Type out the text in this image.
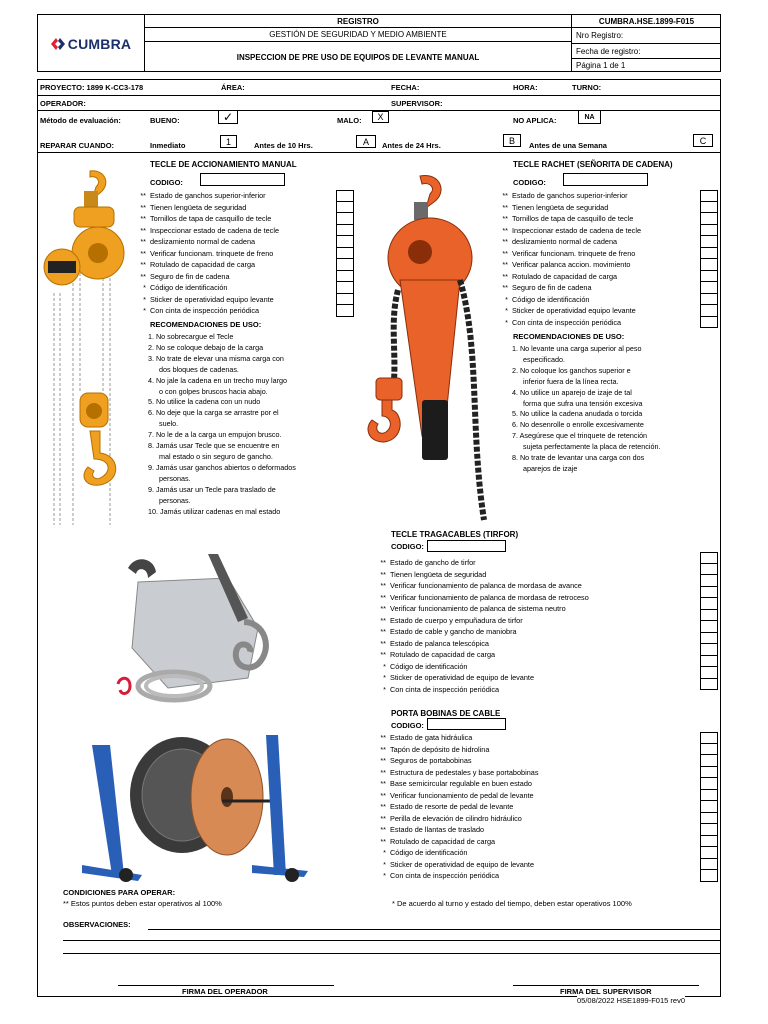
CUMBRA
REGISTRO
GESTIÓN DE SEGURIDAD Y MEDIO AMBIENTE
INSPECCION DE PRE USO DE EQUIPOS DE LEVANTE MANUAL
CUMBRA.HSE.1899-F015
Nro Registro:
Fecha de registro:
Página 1 de 1
PROYECTO: 1899 K-CC3-178	ÁREA:	FECHA:	HORA:	TURNO:
OPERADOR:	SUPERVISOR:
Método de evaluación:	BUENO:	✓	MALO:	X	NO APLICA:	NA
REPARAR CUANDO:	Inmediato	1	Antes de 10 Hrs.	A	Antes de 24 Hrs.	B	Antes de una Semana	C
TECLE DE ACCIONAMIENTO MANUAL
CODIGO:
** Estado de ganchos superior-inferior
** Tienen lengüeta de seguridad
** Tornillos de tapa de casquillo de tecle
** Inspeccionar estado de cadena de tecle
** deslizamiento normal de cadena
** Verificar funcionam. trinquete de freno
** Rotulado de capacidad de carga
** Seguro de fin de cadena
* Código de identificación
* Sticker de operatividad equipo levante
* Con cinta de inspección periódica
RECOMENDACIONES DE USO:
1. No sobrecargue el Tecle
2. No se coloque debajo de la carga
3. No trate de elevar una misma carga con
dos bloques de cadenas.
4. No jale la cadena en un trecho muy largo
o con golpes bruscos hacia abajo.
5. No utilice la cadena con un nudo
6. No deje que la carga se arrastre por el
suelo.
7. No le de a la carga un empujon brusco.
8. Jamás usar Tecle que se encuentre en
mal estado o sin seguro de gancho.
9. Jamás usar ganchos abiertos o deformados
personas.
9. Jamás usar un Tecle para traslado de
personas.
10. Jamás utilizar cadenas en mal estado
TECLE RACHET (SEÑORITA DE CADENA)
CODIGO:
** Estado de ganchos superior-inferior
** Tienen lengüeta de seguridad
** Tornillos de tapa de casquillo de tecle
** Inspeccionar estado de cadena de tecle
** deslizamiento normal de cadena
** Verificar funcionam. trinquete de freno
** Verificar palanca accion. movimiento
** Rotulado de capacidad de carga
** Seguro de fin de cadena
* Código de identificación
* Sticker de operatividad equipo levante
* Con cinta de inspección periódica
RECOMENDACIONES DE USO:
1. No levante una carga superior al peso
especificado.
2. No coloque los ganchos superior e
inferior fuera de la línea recta.
4. No utilice un aparejo de izaje de tal
forma que sufra una tensión excesiva
5. No utilice la cadena anudada o torcida
6. No desenrolle o enrolle excesivamente
7. Asegúrese que el trinquete de retención
sujeta perfectamente la placa de retención.
8. No trate de levantar una carga con dos
aparejos de izaje
TECLE TRAGACABLES (TIRFOR)
CODIGO:
** Estado de gancho de tirfor
** Tienen lengüeta de seguridad
** Verificar funcionamiento de palanca de mordasa de avance
** Verificar funcionamiento de palanca de mordasa de retroceso
** Verificar funcionamiento de palanca de sistema neutro
** Estado de cuerpo y empuñadura de tirfor
** Estado de cable y gancho de maniobra
** Estado de palanca telescópica
** Rotulado de capacidad de carga
* Código de identificación
* Sticker de operatividad de equipo de levante
* Con cinta de inspección periódica
PORTA BOBINAS DE CABLE
CODIGO:
** Estado de gata hidráulica
** Tapón de depósito de hidrolina
** Seguros de portabobinas
** Estructura de pedestales y base portabobinas
** Base semicircular regulable en buen estado
** Verificar funcionamiento de pedal de levante
** Estado de resorte de pedal de levante
** Perilla de elevación de cilindro hidráulico
** Estado de llantas de traslado
** Rotulado de capacidad de carga
* Código de identificación
* Sticker de operatividad de equipo de levante
* Con cinta de inspección periódica
CONDICIONES PARA OPERAR:
** Estos puntos deben estar operativos al 100%	* De acuerdo al turno y estado del tiempo, deben estar operativos 100%
OBSERVACIONES:
FIRMA DEL OPERADOR	FIRMA DEL SUPERVISOR
05/08/2022 HSE1899-F015 rev0
